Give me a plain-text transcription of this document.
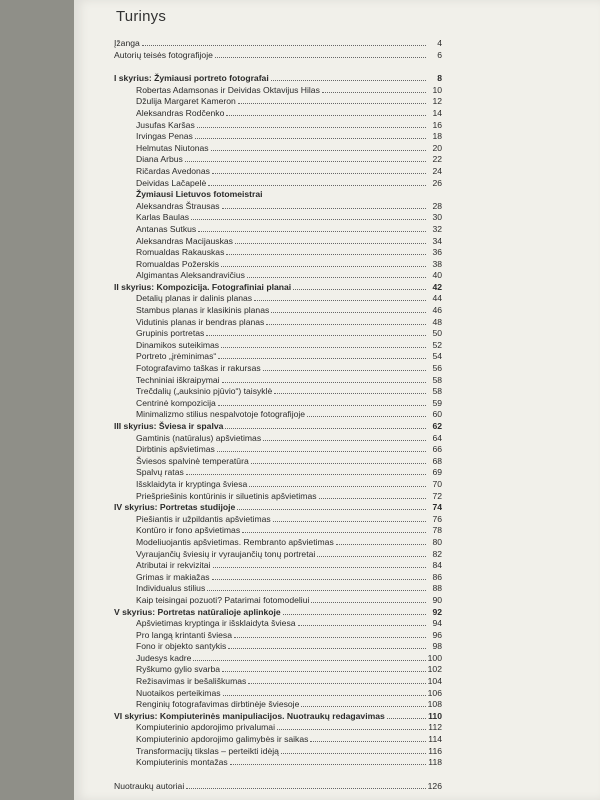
Turinys
Įžanga	4
Autorių teisės fotografijoje	6
I skyrius: Žymiausi portreto fotografai	8
Robertas Adamsonas ir Deividas Oktavijus Hilas	10
Džulija Margaret Kameron	12
Aleksandras Rodčenko	14
Jusufas Karšas	16
Irvingas Penas	18
Helmutas Niutonas	20
Diana Arbus	22
Ričardas Avedonas	24
Deividas Lačapelė	26
Žymiausi Lietuvos fotomeistrai
Aleksandras Štrausas	28
Karlas Baulas	30
Antanas Sutkus	32
Aleksandras Macijauskas	34
Romualdas Rakauskas	36
Romualdas Požerskis	38
Algimantas Aleksandravičius	40
II skyrius: Kompozicija. Fotografiniai planai	42
Detalių planas ir dalinis planas	44
Stambus planas ir klasikinis planas	46
Vidutinis planas ir bendras planas	48
Grupinis portretas	50
Dinamikos suteikimas	52
Portreto „įrėminimas“	54
Fotografavimo taškas ir rakursas	56
Techniniai iškraipymai	58
Trečdalių („auksinio pjūvio“) taisyklė	58
Centrinė kompozicija	59
Minimalizmo stilius nespalvotoje fotografijoje	60
III skyrius: Šviesa ir spalva	62
Gamtinis (natūralus) apšvietimas	64
Dirbtinis apšvietimas	66
Šviesos spalvinė temperatūra	68
Spalvų ratas	69
Išsklaidyta ir kryptinga šviesa	70
Priešpriešinis kontūrinis ir siluetinis apšvietimas	72
IV skyrius: Portretas studijoje	74
Piešiantis ir užpildantis apšvietimas	76
Kontūro ir fono apšvietimas	78
Modeliuojantis apšvietimas. Rembranto apšvietimas	80
Vyraujančių šviesių ir vyraujančių tonų portretai	82
Atributai ir rekvizitai	84
Grimas ir makiažas	86
Individualus stilius	88
Kaip teisingai pozuoti? Patarimai fotomodeliui	90
V skyrius: Portretas natūralioje aplinkoje	92
Apšvietimas kryptinga ir išsklaidyta šviesa	94
Pro langą krintanti šviesa	96
Fono ir objekto santykis	98
Judesys kadre	100
Ryškumo gylio svarba	102
Režisavimas ir bešališkumas	104
Nuotaikos perteikimas	106
Renginių fotografavimas dirbtinėje šviesoje	108
VI skyrius: Kompiuterinės manipuliacijos. Nuotraukų redagavimas	110
Kompiuterinio apdorojimo privalumai	112
Kompiuterinio apdorojimo galimybės ir saikas	114
Transformacijų tikslas – perteikti idėją	116
Kompiuterinis montažas	118
Nuotraukų autoriai	126
